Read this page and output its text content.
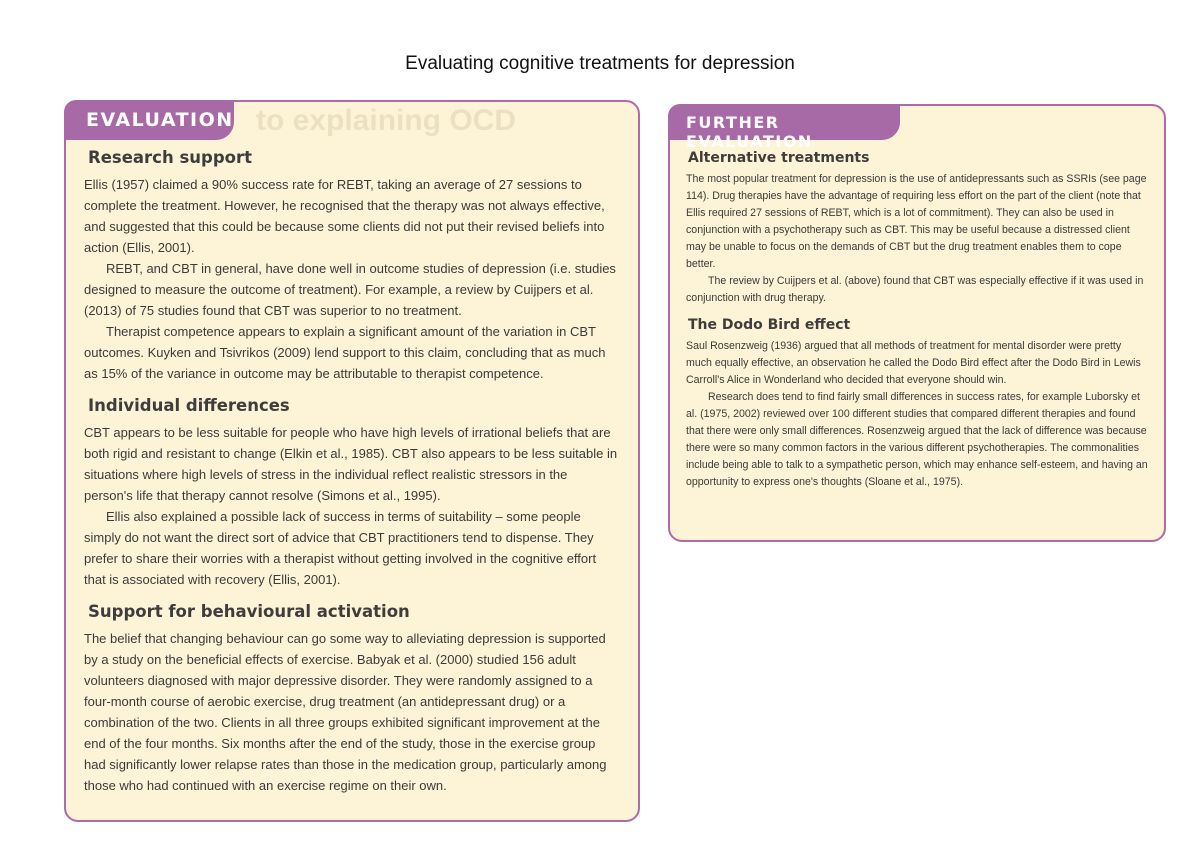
Evaluating cognitive treatments for depression
to explaining OCD
EVALUATION
Research support

Ellis (1957) claimed a 90% success rate for REBT, taking an average of 27 sessions to complete the treatment. However, he recognised that the therapy was not always effective, and suggested that this could be because some clients did not put their revised beliefs into action (Ellis, 2001).

REBT, and CBT in general, have done well in outcome studies of depression (i.e. studies designed to measure the outcome of treatment). For example, a review by Cuijpers et al. (2013) of 75 studies found that CBT was superior to no treatment.

Therapist competence appears to explain a significant amount of the variation in CBT outcomes. Kuyken and Tsivrikos (2009) lend support to this claim, concluding that as much as 15% of the variance in outcome may be attributable to therapist competence.

Individual differences

CBT appears to be less suitable for people who have high levels of irrational beliefs that are both rigid and resistant to change (Elkin et al., 1985). CBT also appears to be less suitable in situations where high levels of stress in the individual reflect realistic stressors in the person's life that therapy cannot resolve (Simons et al., 1995).

Ellis also explained a possible lack of success in terms of suitability – some people simply do not want the direct sort of advice that CBT practitioners tend to dispense. They prefer to share their worries with a therapist without getting involved in the cognitive effort that is associated with recovery (Ellis, 2001).

Support for behavioural activation

The belief that changing behaviour can go some way to alleviating depression is supported by a study on the beneficial effects of exercise. Babyak et al. (2000) studied 156 adult volunteers diagnosed with major depressive disorder. They were randomly assigned to a four-month course of aerobic exercise, drug treatment (an antidepressant drug) or a combination of the two. Clients in all three groups exhibited significant improvement at the end of the four months. Six months after the end of the study, those in the exercise group had significantly lower relapse rates than those in the medication group, particularly among those who had continued with an exercise regime on their own.

FURTHER EVALUATION
Alternative treatments

The most popular treatment for depression is the use of antidepressants such as SSRIs (see page 114). Drug therapies have the advantage of requiring less effort on the part of the client (note that Ellis required 27 sessions of REBT, which is a lot of commitment). They can also be used in conjunction with a psychotherapy such as CBT. This may be useful because a distressed client may be unable to focus on the demands of CBT but the drug treatment enables them to cope better.

The review by Cuijpers et al. (above) found that CBT was especially effective if it was used in conjunction with drug therapy.

The Dodo Bird effect

Saul Rosenzweig (1936) argued that all methods of treatment for mental disorder were pretty much equally effective, an observation he called the Dodo Bird effect after the Dodo Bird in Lewis Carroll's Alice in Wonderland who decided that everyone should win.

Research does tend to find fairly small differences in success rates, for example Luborsky et al. (1975, 2002) reviewed over 100 different studies that compared different therapies and found that there were only small differences. Rosenzweig argued that the lack of difference was because there were so many common factors in the various different psychotherapies. The commonalities include being able to talk to a sympathetic person, which may enhance self-esteem, and having an opportunity to express one's thoughts (Sloane et al., 1975).
